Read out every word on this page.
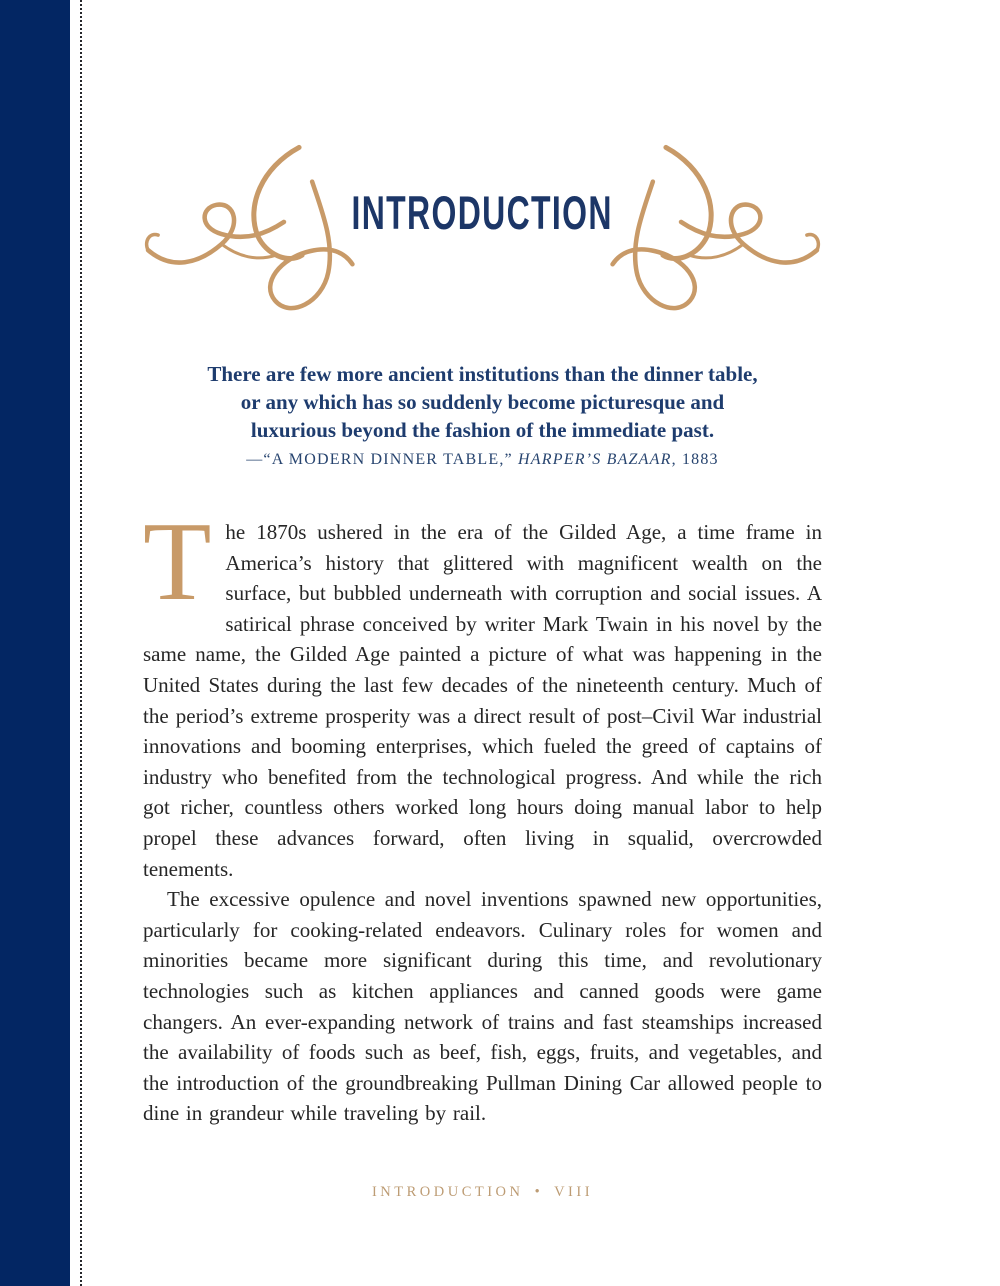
INTRODUCTION
There are few more ancient institutions than the dinner table,
or any which has so suddenly become picturesque and
luxurious beyond the fashion of the immediate past.
—“A MODERN DINNER TABLE,” HARPER’S BAZAAR, 1883

The 1870s ushered in the era of the Gilded Age, a time frame in America’s history that glittered with magnificent wealth on the surface, but bubbled underneath with corruption and social issues. A satirical phrase conceived by writer Mark Twain in his novel by the same name, the Gilded Age painted a picture of what was happening in the United States during the last few decades of the nineteenth century. Much of the period’s extreme prosperity was a direct result of post–Civil War industrial innovations and booming enterprises, which fueled the greed of captains of industry who benefited from the technological progress. And while the rich got richer, countless others worked long hours doing manual labor to help propel these advances forward, often living in squalid, overcrowded tenements.

The excessive opulence and novel inventions spawned new opportunities, particularly for cooking-related endeavors. Culinary roles for women and minorities became more significant during this time, and revolutionary technologies such as kitchen appliances and canned goods were game changers. An ever-expanding network of trains and fast steamships increased the availability of foods such as beef, fish, eggs, fruits, and vegetables, and the introduction of the groundbreaking Pullman Dining Car allowed people to dine in grandeur while traveling by rail.

INTRODUCTION • VIII
